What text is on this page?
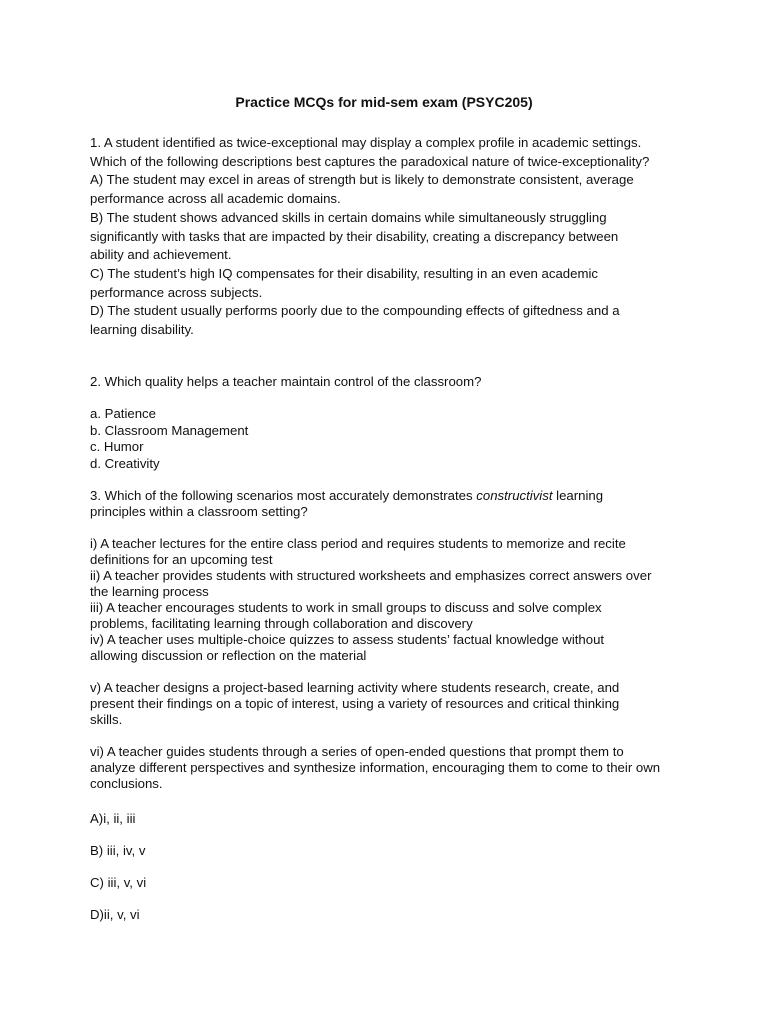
Practice MCQs for mid-sem exam (PSYC205)
1. A student identified as twice-exceptional may display a complex profile in academic settings.
Which of the following descriptions best captures the paradoxical nature of twice-exceptionality?
A) The student may excel in areas of strength but is likely to demonstrate consistent, average performance across all academic domains.
B) The student shows advanced skills in certain domains while simultaneously struggling significantly with tasks that are impacted by their disability, creating a discrepancy between ability and achievement.
C) The student’s high IQ compensates for their disability, resulting in an even academic performance across subjects.
D) The student usually performs poorly due to the compounding effects of giftedness and a learning disability.
2. Which quality helps a teacher maintain control of the classroom?
a. Patience
b. Classroom Management
c. Humor
d. Creativity
3. Which of the following scenarios most accurately demonstrates constructivist learning principles within a classroom setting?
i) A teacher lectures for the entire class period and requires students to memorize and recite definitions for an upcoming test
ii) A teacher provides students with structured worksheets and emphasizes correct answers over the learning process
iii) A teacher encourages students to work in small groups to discuss and solve complex problems, facilitating learning through collaboration and discovery
iv) A teacher uses multiple-choice quizzes to assess students’ factual knowledge without allowing discussion or reflection on the material
v) A teacher designs a project-based learning activity where students research, create, and present their findings on a topic of interest, using a variety of resources and critical thinking skills.
vi) A teacher guides students through a series of open-ended questions that prompt them to analyze different perspectives and synthesize information, encouraging them to come to their own conclusions.
A)i, ii, iii
B) iii, iv, v
C) iii, v, vi
D)ii, v, vi
